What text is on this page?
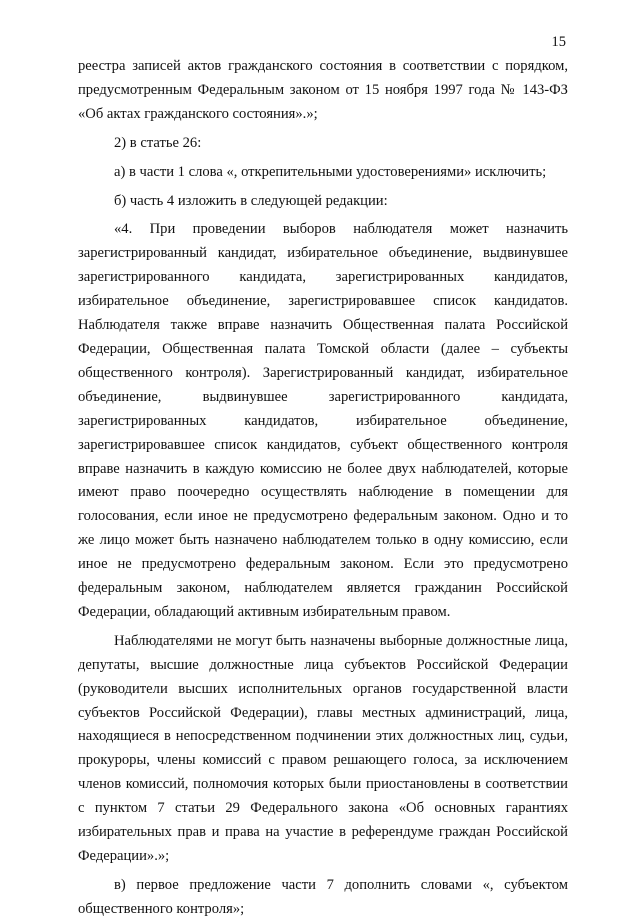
15

реестра записей актов гражданского состояния в соответствии с порядком, предусмотренным Федеральным законом от 15 ноября 1997 года № 143-ФЗ «Об актах гражданского состояния».»;

2) в статье 26:

а) в части 1 слова «, открепительными удостоверениями» исключить;

б) часть 4 изложить в следующей редакции:

«4. При проведении выборов наблюдателя может назначить зарегистрированный кандидат, избирательное объединение, выдвинувшее зарегистрированного кандидата, зарегистрированных кандидатов, избирательное объединение, зарегистрировавшее список кандидатов. Наблюдателя также вправе назначить Общественная палата Российской Федерации, Общественная палата Томской области (далее – субъекты общественного контроля). Зарегистрированный кандидат, избирательное объединение, выдвинувшее зарегистрированного кандидата, зарегистрированных кандидатов, избирательное объединение, зарегистрировавшее список кандидатов, субъект общественного контроля вправе назначить в каждую комиссию не более двух наблюдателей, которые имеют право поочередно осуществлять наблюдение в помещении для голосования, если иное не предусмотрено федеральным законом. Одно и то же лицо может быть назначено наблюдателем только в одну комиссию, если иное не предусмотрено федеральным законом. Если это предусмотрено федеральным законом, наблюдателем является гражданин Российской Федерации, обладающий активным избирательным правом.

Наблюдателями не могут быть назначены выборные должностные лица, депутаты, высшие должностные лица субъектов Российской Федерации (руководители высших исполнительных органов государственной власти субъектов Российской Федерации), главы местных администраций, лица, находящиеся в непосредственном подчинении этих должностных лиц, судьи, прокуроры, члены комиссий с правом решающего голоса, за исключением членов комиссий, полномочия которых были приостановлены в соответствии с пунктом 7 статьи 29 Федерального закона «Об основных гарантиях избирательных прав и права на участие в референдуме граждан Российской Федерации».»;

в) первое предложение части 7 дополнить словами «, субъектом общественного контроля»;
